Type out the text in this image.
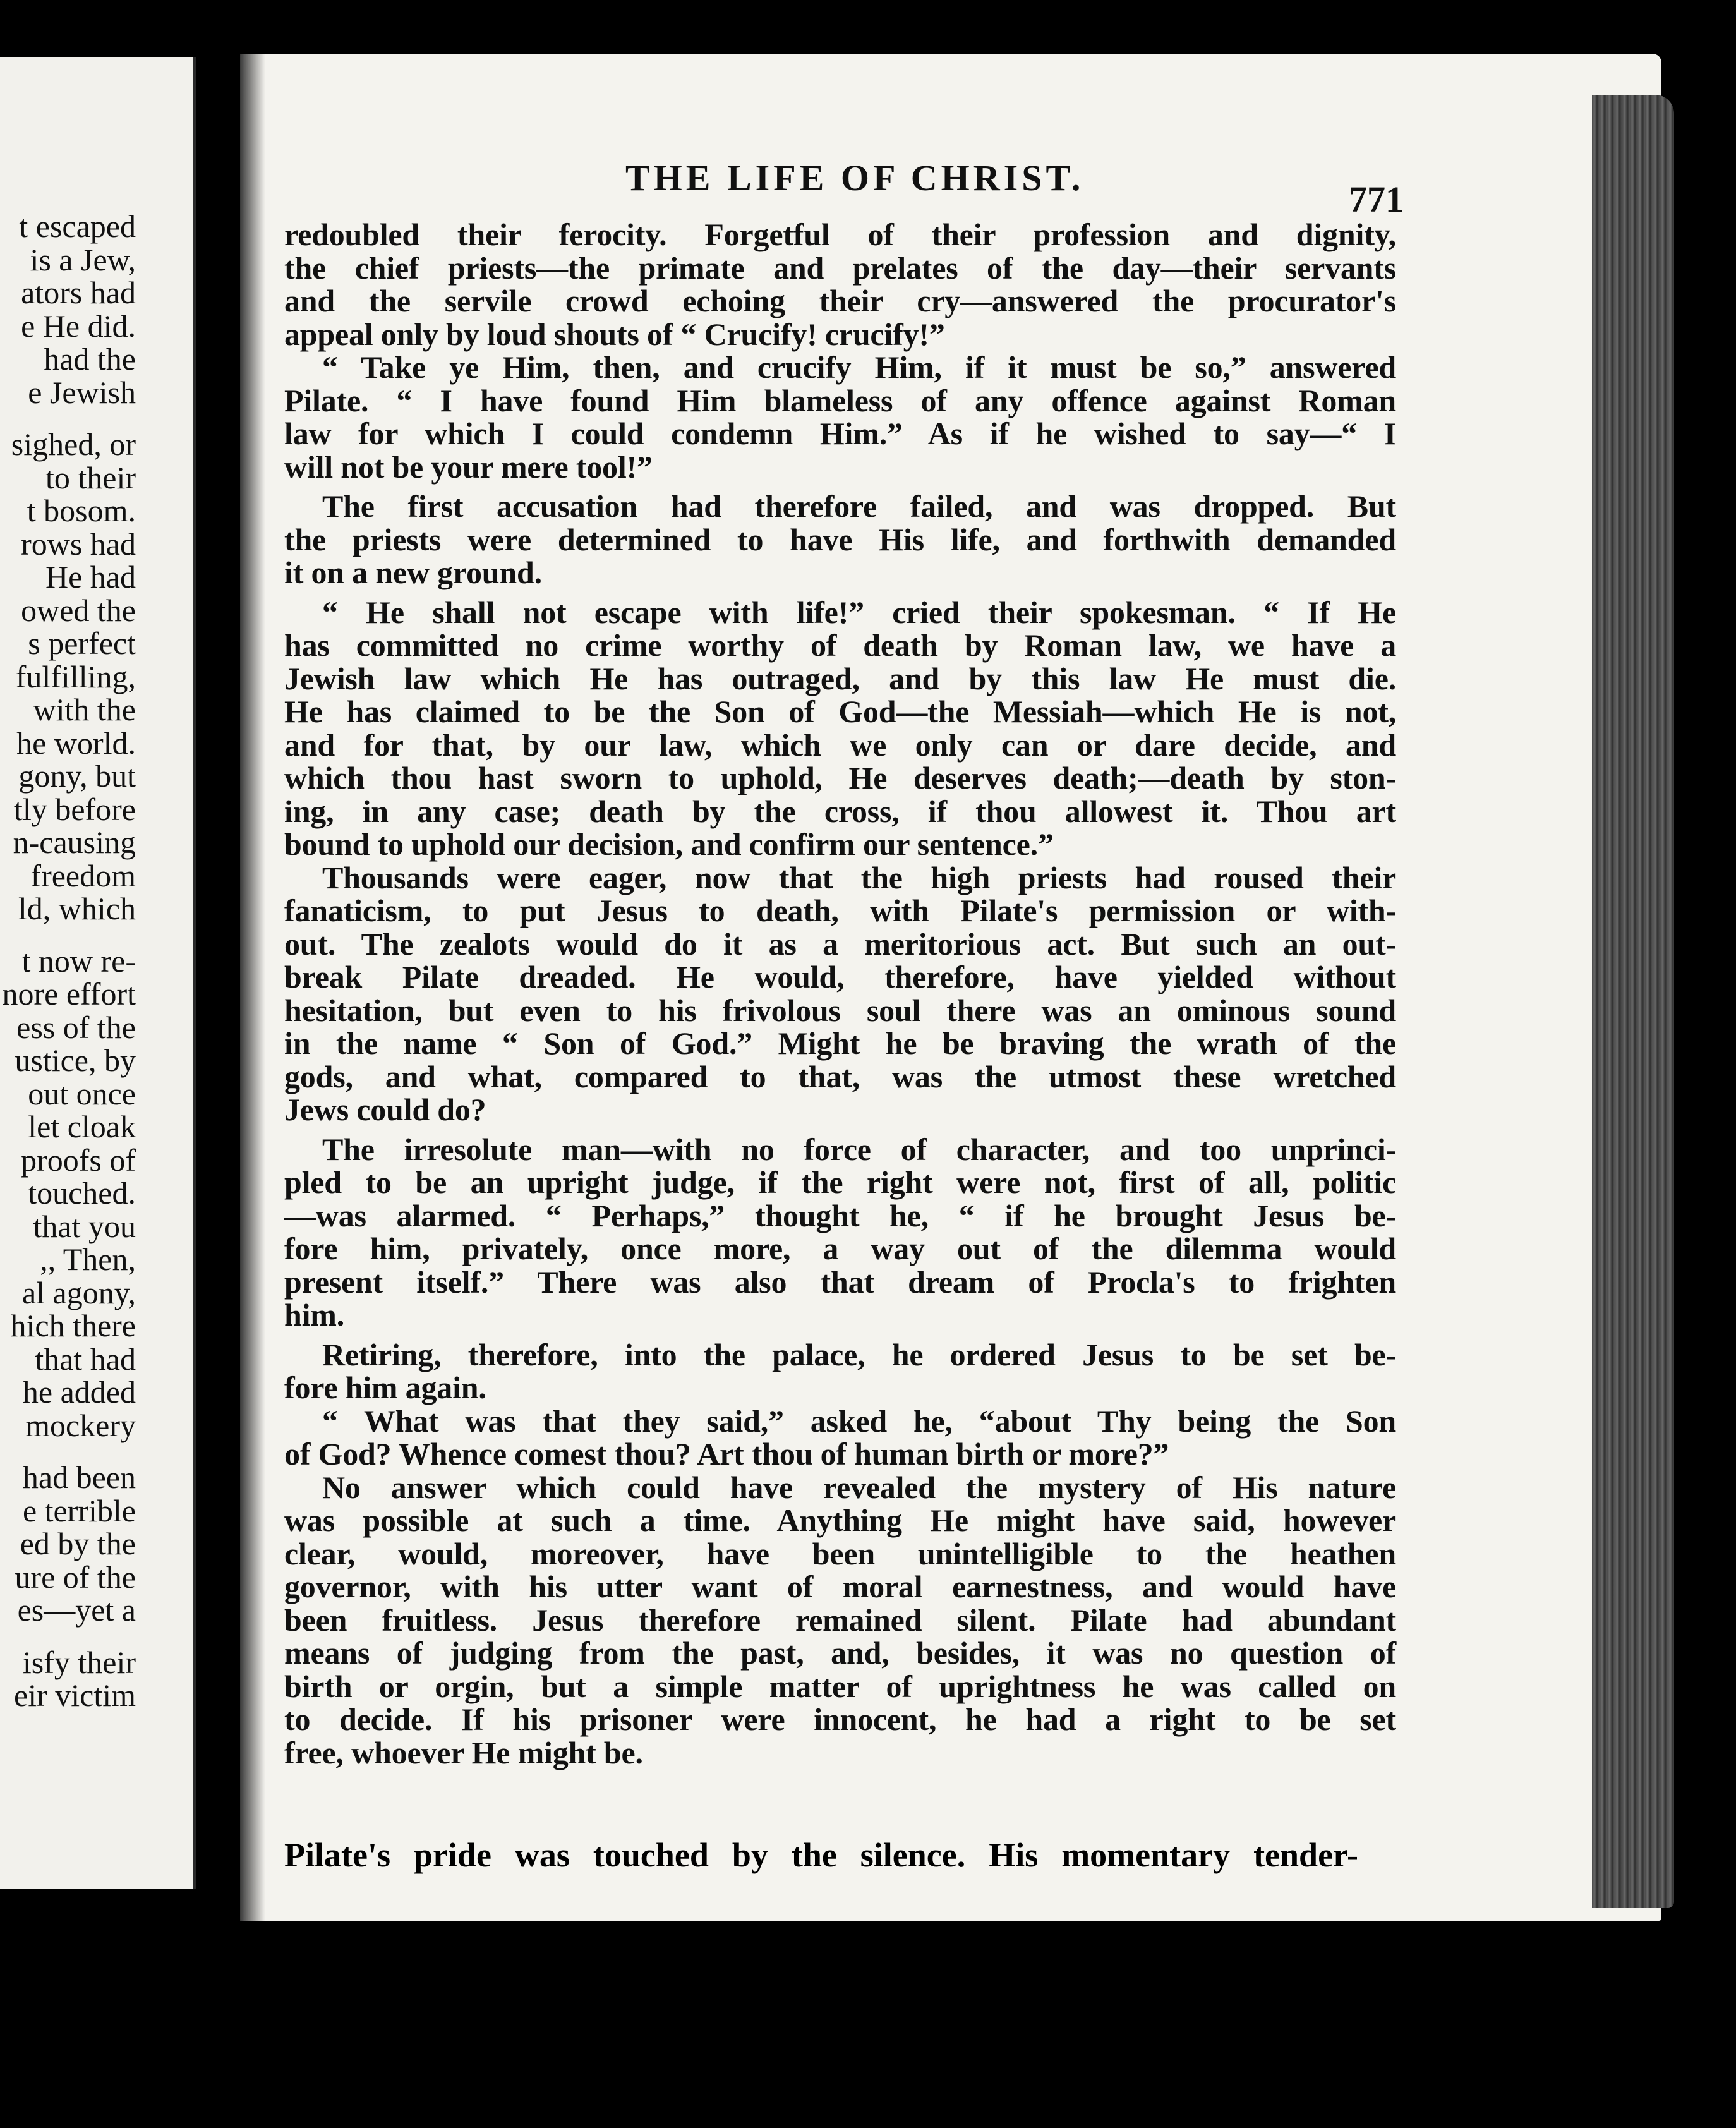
t escaped
is a Jew,
ators had
e He did.
had the
e Jewish
sighed, or
to their
t bosom.
rows had
He had
owed the
s perfect
fulfilling,
with the
he world.
gony, but
tly before
n-causing
freedom
ld, which
t now re-
nore effort
ess of the
ustice, by
out once
let cloak
proofs of
touched.
that you
,, Then,
al agony,
hich there
that had
he added
mockery
had been
e terrible
ed by the
ure of the
es—yet a
isfy their
eir victim
THE LIFE OF CHRIST.
771
redoubled their ferocity. Forgetful of their profession and dignity,
the chief priests—the primate and prelates of the day—their servants
and the servile crowd echoing their cry—answered the procurator's
appeal only by loud shouts of “ Crucify! crucify!”
“ Take ye Him, then, and crucify Him, if it must be so,” answered
Pilate. “ I have found Him blameless of any offence against Roman
law for which I could condemn Him.” As if he wished to say—“ I
will not be your mere tool!”
The first accusation had therefore failed, and was dropped. But
the priests were determined to have His life, and forthwith demanded
it on a new ground.
“ He shall not escape with life!” cried their spokesman. “ If He
has committed no crime worthy of death by Roman law, we have a
Jewish law which He has outraged, and by this law He must die.
He has claimed to be the Son of God—the Messiah—which He is not,
and for that, by our law, which we only can or dare decide, and
which thou hast sworn to uphold, He deserves death;—death by ston-
ing, in any case; death by the cross, if thou allowest it. Thou art
bound to uphold our decision, and confirm our sentence.”
Thousands were eager, now that the high priests had roused their
fanaticism, to put Jesus to death, with Pilate's permission or with-
out. The zealots would do it as a meritorious act. But such an out-
break Pilate dreaded. He would, therefore, have yielded without
hesitation, but even to his frivolous soul there was an ominous sound
in the name “ Son of God.” Might he be braving the wrath of the
gods, and what, compared to that, was the utmost these wretched
Jews could do?
The irresolute man—with no force of character, and too unprinci-
pled to be an upright judge, if the right were not, first of all, politic
—was alarmed. “ Perhaps,” thought he, “ if he brought Jesus be-
fore him, privately, once more, a way out of the dilemma would
present itself.” There was also that dream of Procla's to frighten
him.
Retiring, therefore, into the palace, he ordered Jesus to be set be-
fore him again.
“ What was that they said,” asked he, “about Thy being the Son
of God? Whence comest thou? Art thou of human birth or more?”
No answer which could have revealed the mystery of His nature
was possible at such a time. Anything He might have said, however
clear, would, moreover, have been unintelligible to the heathen
governor, with his utter want of moral earnestness, and would have
been fruitless. Jesus therefore remained silent. Pilate had abundant
means of judging from the past, and, besides, it was no question of
birth or orgin, but a simple matter of uprightness he was called on
to decide. If his prisoner were innocent, he had a right to be set
free, whoever He might be.
Pilate's pride was touched by the silence. His momentary tender-
